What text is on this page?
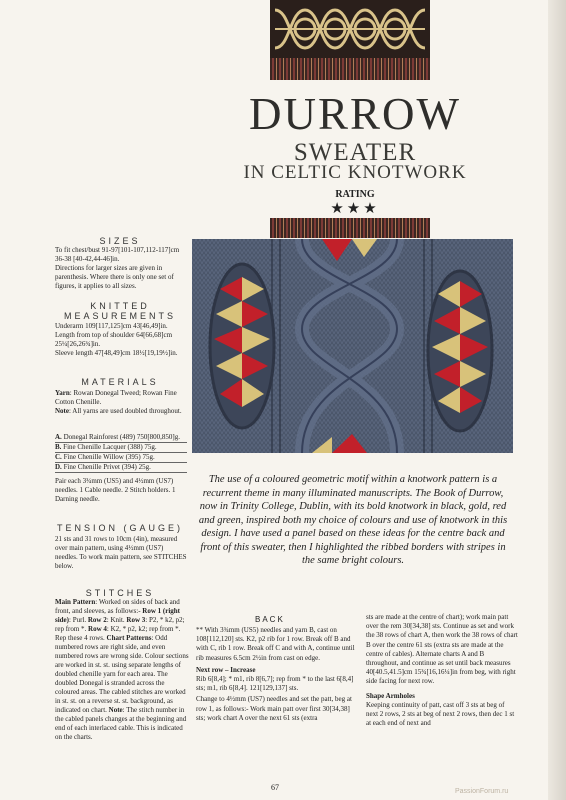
DURROW
SWEATER
IN CELTIC KNOTWORK
RATING
★★★
The use of a coloured geometric motif within a knotwork pattern is a recurrent theme in many illuminated manuscripts. The Book of Durrow, now in Trinity College, Dublin, with its bold knotwork in black, gold, red and green, inspired both my choice of colours and use of knotwork in this design. I have used a panel based on these ideas for the centre back and front of this sweater, then I highlighted the ribbed borders with stripes in the same bright colours.
SIZES
To fit chest/bust 91-97[101-107,112-117]cm
36-38 [40-42,44-46]in.
Directions for larger sizes are given in parenthesis. Where there is only one set of figures, it applies to all sizes.
KNITTED
MEASUREMENTS
Underarm 109[117,125]cm 43[46,49]in.
Length from top of shoulder 64[66,68]cm
25¼[26,26¾]in.
Sleeve length 47[48,49]cm 18½[19,19½]in.
MATERIALS
Yarn: Rowan Donegal Tweed; Rowan Fine Cotton Chenille.
Note: All yarns are used doubled throughout.
A. Donegal Rainforest (489) 750[800,850]g.
B. Fine Chenille Lacquer (388) 75g.
C. Fine Chenille Willow (395) 75g.
D. Fine Chenille Privet (394) 25g.
Pair each 3¾mm (US5) and 4½mm (US7) needles. 1 Cable needle. 2 Stitch holders. 1 Darning needle.
TENSION (GAUGE)
21 sts and 31 rows to 10cm (4in), measured over main pattern, using 4½mm (US7) needles. To work main pattern, see STITCHES below.
STITCHES
Main Pattern: Worked on sides of back and front, and sleeves, as follows:- Row 1 (right side): Purl. Row 2: Knit. Row 3: P2, * k2, p2; rep from *. Row 4: K2, * p2, k2; rep from *. Rep these 4 rows. Chart Patterns: Odd numbered rows are right side, and even numbered rows are wrong side. Colour sections are worked in st. st. using separate lengths of doubled chenille yarn for each area. The doubled Donegal is stranded across the coloured areas. The cabled stitches are worked in st. st. on a reverse st. st. background, as indicated on chart. Note: The stitch number in the cabled panels changes at the beginning and end of each interlaced cable. This is indicated on the charts.
BACK
** With 3¾mm (US5) needles and yarn B, cast on 108[112,120] sts. K2, p2 rib for 1 row. Break off B and with C, rib 1 row. Break off C and with A, continue until rib measures 6.5cm 2½in from cast on edge.
Next row – Increase
Rib 6[8,4]; * m1, rib 8[6,7]; rep from * to the last 6[8,4] sts; m1, rib 6[8,4]. 121[129,137] sts.
Change to 4½mm (US7) needles and set the patt, beg at row 1, as follows:- Work main patt over first 30[34,38] sts; work chart A over the next 61 sts (extra
sts are made at the centre of chart); work main patt over the rem 30[34,38] sts. Continue as set and work the 38 rows of chart A, then work the 38 rows of chart B over the centre 61 sts (extra sts are made at the centre of cables). Alternate charts A and B throughout, and continue as set until back measures 40[40.5,41.5]cm 15¾[16,16¼]in from beg, with right side facing for next row.
Shape Armholes
Keeping continuity of patt, cast off 3 sts at beg of next 2 rows, 2 sts at beg of next 2 rows, then dec 1 st at each end of next and
67	PassionForum.ru
